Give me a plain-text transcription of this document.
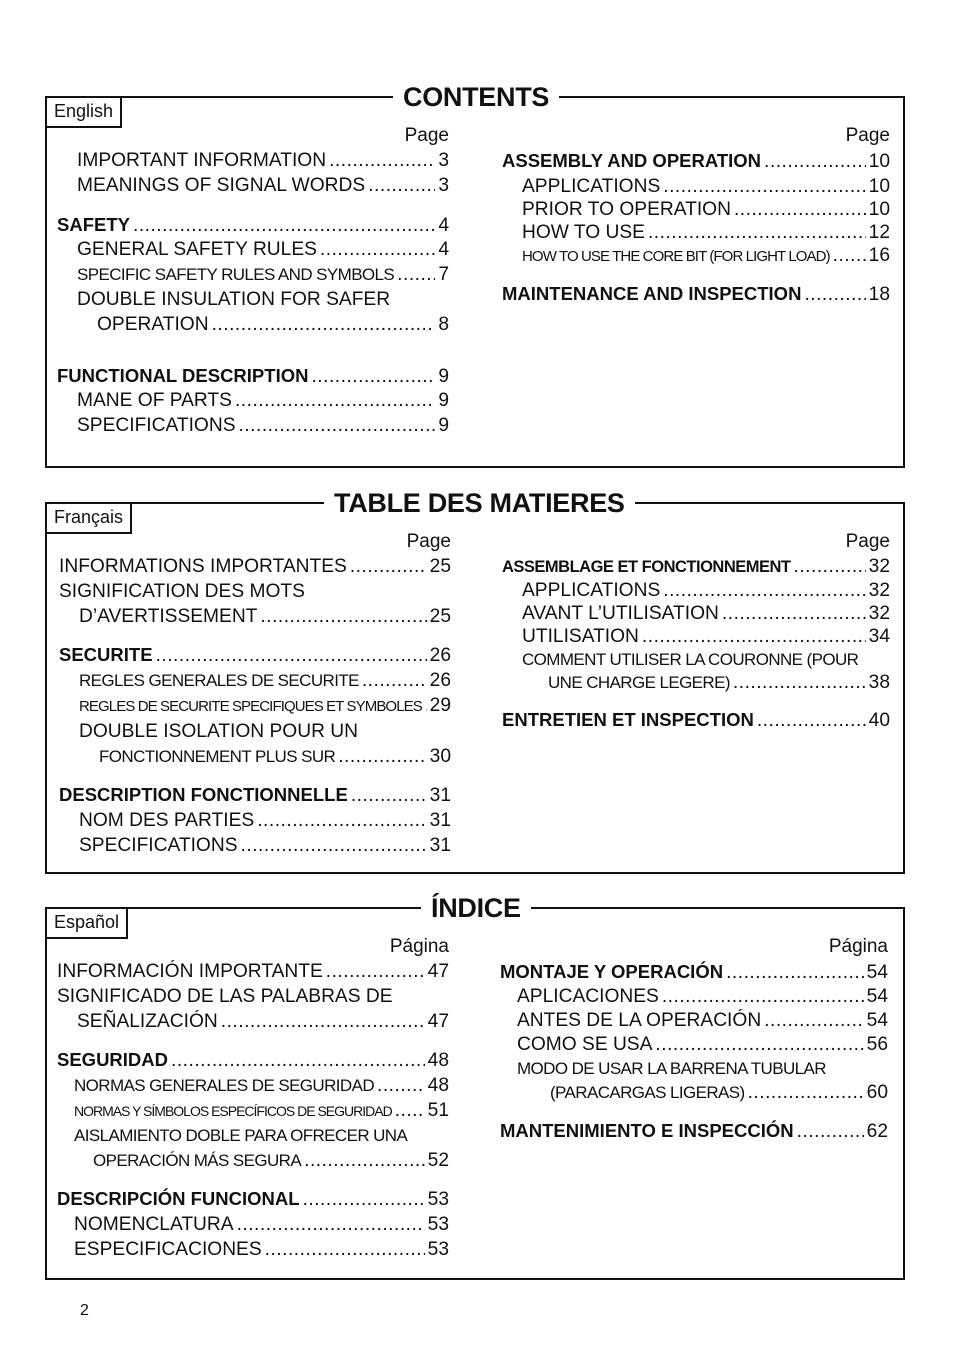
CONTENTS
English
Page
IMPORTANT INFORMATION .....	3
MEANINGS OF SIGNAL WORDS .....	3
SAFETY .....	4
GENERAL SAFETY RULES .....	4
SPECIFIC SAFETY RULES AND SYMBOLS ..... 7
DOUBLE INSULATION FOR SAFER
OPERATION .....	8
FUNCTIONAL DESCRIPTION .....	9
MANE OF PARTS .....	9
SPECIFICATIONS .....	9
Page
ASSEMBLY AND OPERATION .....	10
APPLICATIONS .....	10
PRIOR TO OPERATION .....	10
HOW TO USE .....	12
HOW TO USE THE CORE BIT (FOR LIGHT LOAD) ..... 16
MAINTENANCE AND INSPECTION .....	18
TABLE DES MATIERES
Français
Page
INFORMATIONS IMPORTANTES .....	25
SIGNIFICATION DES MOTS
D’AVERTISSEMENT .....	25
SECURITE .....	26
REGLES GENERALES DE SECURITE .....	26
REGLES DE SECURITE SPECIFIQUES ET SYMBOLES ..... 29
DOUBLE ISOLATION POUR UN
FONCTIONNEMENT PLUS SUR .....	30
DESCRIPTION FONCTIONNELLE .....	31
NOM DES PARTIES .....	31
SPECIFICATIONS .....	31
Page
ASSEMBLAGE ET FONCTIONNEMENT .....	32
APPLICATIONS .....	32
AVANT L’UTILISATION .....	32
UTILISATION .....	34
COMMENT UTILISER LA COURONNE (POUR
UNE CHARGE LEGERE) .....	38
ENTRETIEN ET INSPECTION .....	40
ÍNDICE
Español
Página
INFORMACIÓN IMPORTANTE .....	47
SIGNIFICADO DE LAS PALABRAS DE
SEÑALIZACIÓN .....	47
SEGURIDAD .....	48
NORMAS GENERALES DE SEGURIDAD .....	48
NORMAS Y SÍMBOLOS ESPECÍFICOS DE SEGURIDAD ..... 51
AISLAMIENTO DOBLE PARA OFRECER UNA
OPERACIÓN MÁS SEGURA .....	52
DESCRIPCIÓN FUNCIONAL .....	53
NOMENCLATURA .....	53
ESPECIFICACIONES .....	53
Página
MONTAJE Y OPERACIÓN .....	54
APLICACIONES .....	54
ANTES DE LA OPERACIÓN .....	54
COMO SE USA .....	56
MODO DE USAR LA BARRENA TUBULAR
(PARACARGAS LIGERAS) .....	60
MANTENIMIENTO E INSPECCIÓN .....	62
2
